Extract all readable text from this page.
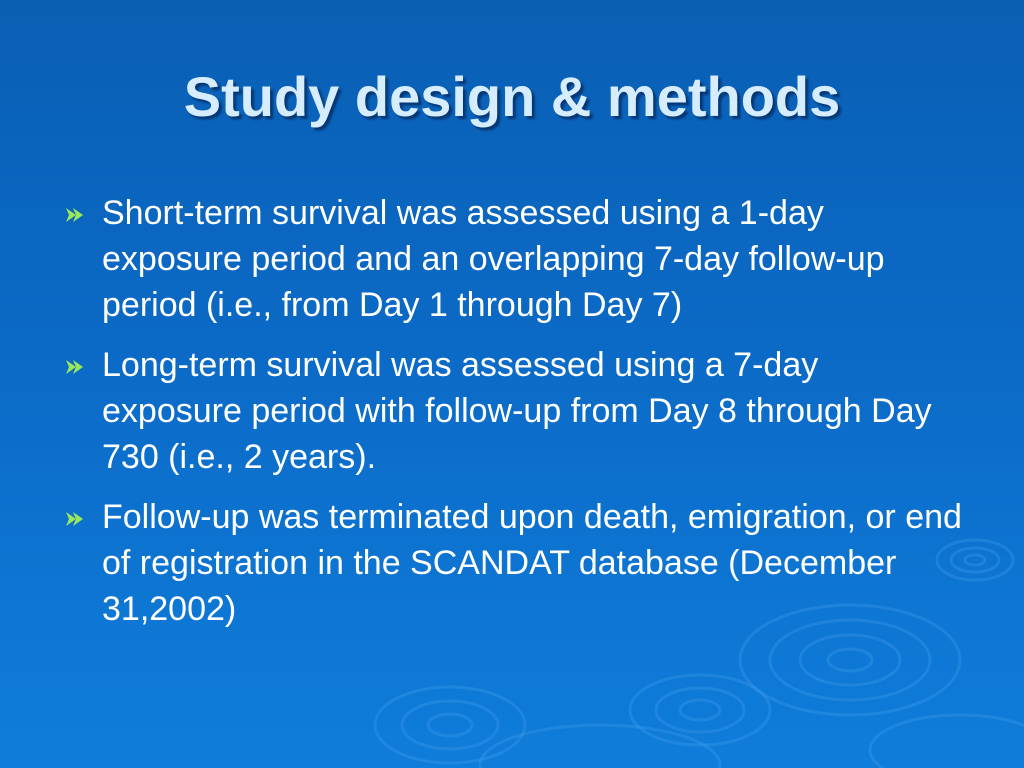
Study design & methods
Short-term survival was assessed using a 1-day exposure period and an overlapping 7-day follow-up period (i.e., from Day 1 through Day 7)
Long-term survival was assessed using a 7-day exposure period with follow-up from Day 8 through Day 730 (i.e., 2 years).
Follow-up was terminated upon death, emigration, or end of registration in the SCANDAT database (December 31,2002)
